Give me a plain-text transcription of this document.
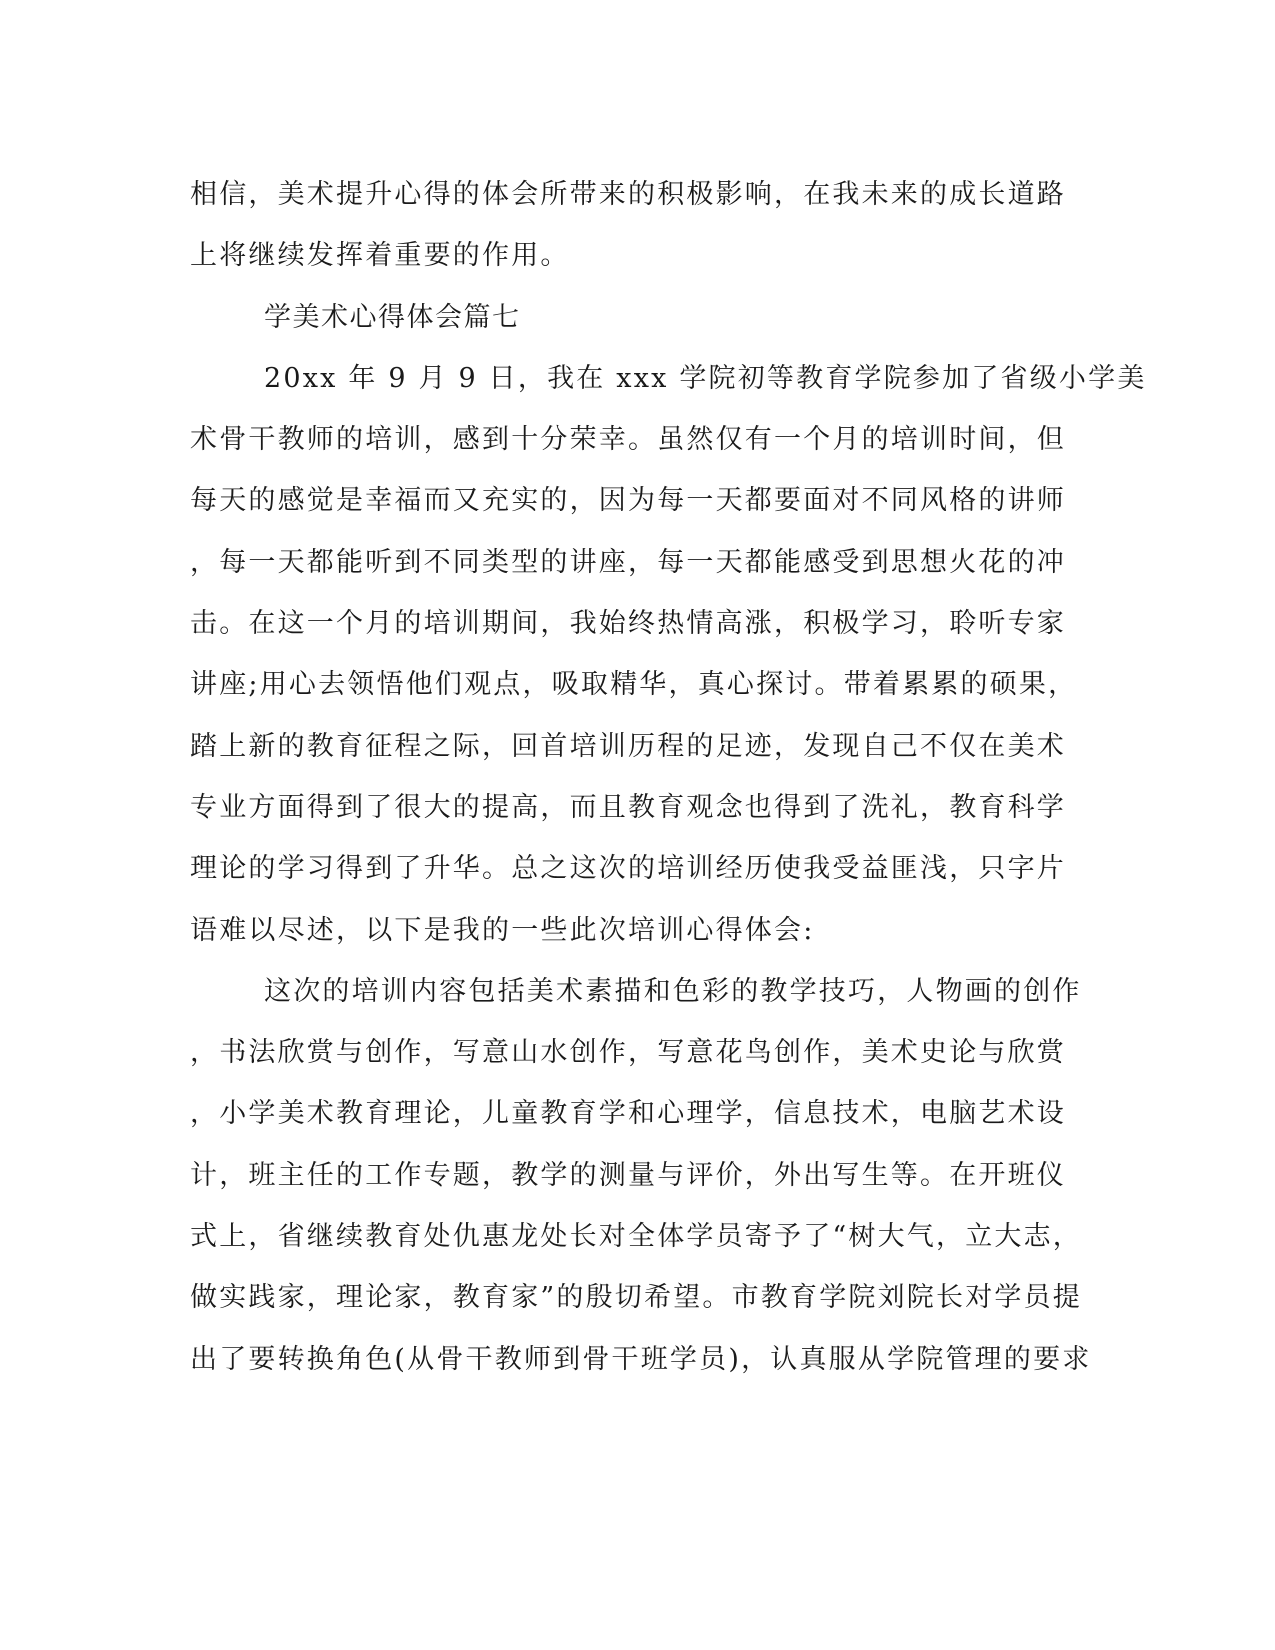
相信，美术提升心得的体会所带来的积极影响，在我未来的成长道路
上将继续发挥着重要的作用。
学美术心得体会篇七
20xx 年 9 月 9 日，我在 xxx 学院初等教育学院参加了省级小学美
术骨干教师的培训，感到十分荣幸。虽然仅有一个月的培训时间，但
每天的感觉是幸福而又充实的，因为每一天都要面对不同风格的讲师
，每一天都能听到不同类型的讲座，每一天都能感受到思想火花的冲
击。在这一个月的培训期间，我始终热情高涨，积极学习，聆听专家
讲座;用心去领悟他们观点，吸取精华，真心探讨。带着累累的硕果，
踏上新的教育征程之际，回首培训历程的足迹，发现自己不仅在美术
专业方面得到了很大的提高，而且教育观念也得到了洗礼，教育科学
理论的学习得到了升华。总之这次的培训经历使我受益匪浅，只字片
语难以尽述，以下是我的一些此次培训心得体会:
这次的培训内容包括美术素描和色彩的教学技巧，人物画的创作
，书法欣赏与创作，写意山水创作，写意花鸟创作，美术史论与欣赏
，小学美术教育理论，儿童教育学和心理学，信息技术，电脑艺术设
计，班主任的工作专题，教学的测量与评价，外出写生等。在开班仪
式上，省继续教育处仇惠龙处长对全体学员寄予了“树大气，立大志，
做实践家，理论家，教育家”的殷切希望。市教育学院刘院长对学员提
出了要转换角色(从骨干教师到骨干班学员)，认真服从学院管理的要求
